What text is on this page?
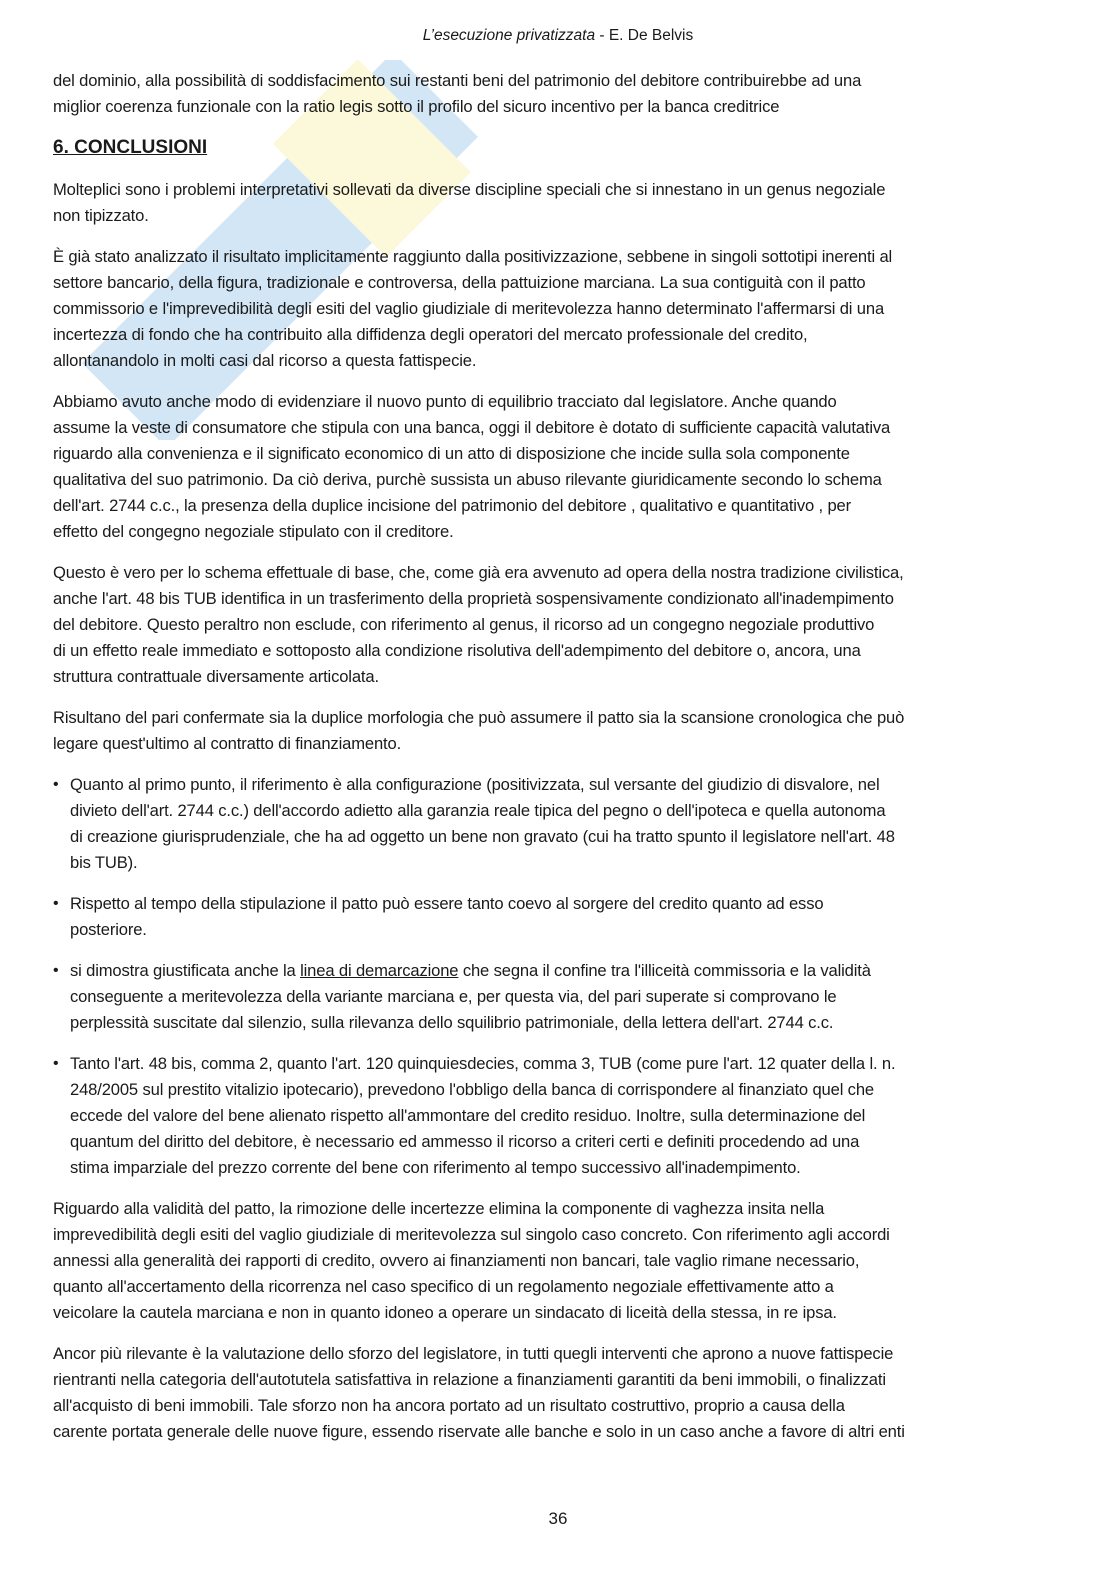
L’esecuzione privatizzata - E. De Belvis
del dominio, alla possibilità di soddisfacimento sui restanti beni del patrimonio del debitore contribuirebbe ad una
miglior coerenza funzionale con la ratio legis sotto il profilo del sicuro incentivo per la banca creditrice
6. CONCLUSIONI
Molteplici sono i problemi interpretativi sollevati da diverse discipline speciali che si innestano in un genus negoziale
non tipizzato.
È già stato analizzato il risultato implicitamente raggiunto dalla positivizzazione, sebbene in singoli sottotipi inerenti al
settore bancario, della figura, tradizionale e controversa, della pattuizione marciana. La sua contiguità con il patto
commissorio e l'imprevedibilità degli esiti del vaglio giudiziale di meritevolezza hanno determinato l'affermarsi di una
incertezza di fondo che ha contribuito alla diffidenza degli operatori del mercato professionale del credito,
allontanandolo in molti casi dal ricorso a questa fattispecie.
Abbiamo avuto anche modo di evidenziare il nuovo punto di equilibrio tracciato dal legislatore. Anche quando
assume la veste di consumatore che stipula con una banca, oggi il debitore è dotato di sufficiente capacità valutativa
riguardo alla convenienza e il significato economico di un atto di disposizione che incide sulla sola componente
qualitativa del suo patrimonio. Da ciò deriva, purchè sussista un abuso rilevante giuridicamente secondo lo schema
dell'art. 2744 c.c., la presenza della duplice incisione del patrimonio del debitore , qualitativo e quantitativo , per
effetto del congegno negoziale stipulato con il creditore.
Questo è vero per lo schema effettuale di base, che, come già era avvenuto ad opera della nostra tradizione civilistica,
anche l'art. 48 bis TUB identifica in un trasferimento della proprietà sospensivamente condizionato all'inadempimento
del debitore. Questo peraltro non esclude, con riferimento al genus, il ricorso ad un congegno negoziale produttivo
di un effetto reale immediato e sottoposto alla condizione risolutiva dell'adempimento del debitore o, ancora, una
struttura contrattuale diversamente articolata.
Risultano del pari confermate sia la duplice morfologia che può assumere il patto sia la scansione cronologica che può
legare quest'ultimo al contratto di finanziamento.
• Quanto al primo punto, il riferimento è alla configurazione (positivizzata, sul versante del giudizio di disvalore, nel
divieto dell'art. 2744 c.c.) dell'accordo adietto alla garanzia reale tipica del pegno o dell'ipoteca e quella autonoma
di creazione giurisprudenziale, che ha ad oggetto un bene non gravato (cui ha tratto spunto il legislatore nell'art. 48
bis TUB).
• Rispetto al tempo della stipulazione il patto può essere tanto coevo al sorgere del credito quanto ad esso
posteriore.
• si dimostra giustificata anche la linea di demarcazione che segna il confine tra l'illiceità commissoria e la validità
conseguente a meritevolezza della variante marciana e, per questa via, del pari superate si comprovano le
perplessità suscitate dal silenzio, sulla rilevanza dello squilibrio patrimoniale, della lettera dell'art. 2744 c.c.
• Tanto l'art. 48 bis, comma 2, quanto l'art. 120 quinquiesdecies, comma 3, TUB (come pure l'art. 12 quater della l. n.
248/2005 sul prestito vitalizio ipotecario), prevedono l'obbligo della banca di corrispondere al finanziato quel che
eccede del valore del bene alienato rispetto all'ammontare del credito residuo. Inoltre, sulla determinazione del
quantum del diritto del debitore, è necessario ed ammesso il ricorso a criteri certi e definiti procedendo ad una
stima imparziale del prezzo corrente del bene con riferimento al tempo successivo all'inadempimento.
Riguardo alla validità del patto, la rimozione delle incertezze elimina la componente di vaghezza insita nella
imprevedibilità degli esiti del vaglio giudiziale di meritevolezza sul singolo caso concreto. Con riferimento agli accordi
annessi alla generalità dei rapporti di credito, ovvero ai finanziamenti non bancari, tale vaglio rimane necessario,
quanto all'accertamento della ricorrenza nel caso specifico di un regolamento negoziale effettivamente atto a
veicolare la cautela marciana e non in quanto idoneo a operare un sindacato di liceità della stessa, in re ipsa.
Ancor più rilevante è la valutazione dello sforzo del legislatore, in tutti quegli interventi che aprono a nuove fattispecie
rientranti nella categoria dell'autotutela satisfattiva in relazione a finanziamenti garantiti da beni immobili, o finalizzati
all'acquisto di beni immobili. Tale sforzo non ha ancora portato ad un risultato costruttivo, proprio a causa della
carente portata generale delle nuove figure, essendo riservate alle banche e solo in un caso anche a favore di altri enti
36
